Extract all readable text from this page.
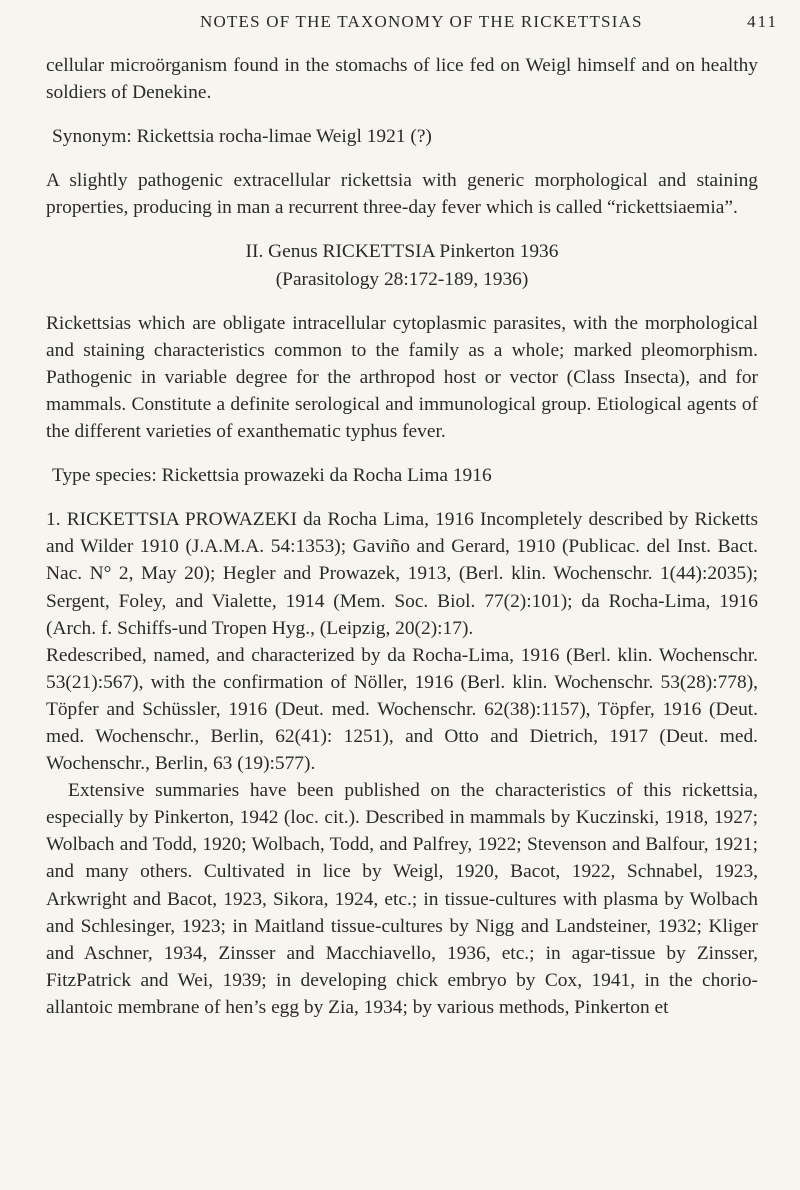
NOTES OF THE TAXONOMY OF THE RICKETTSIAS	411

cellular microörganism found in the stomachs of lice fed on Weigl himself and on healthy soldiers of Denekine.

Synonym: Rickettsia rocha-limae Weigl 1921 (?)

A slightly pathogenic extracellular rickettsia with generic morphological and staining properties, producing in man a recurrent three-day fever which is called “rickettsiaemia”.

II. Genus RICKETTSIA Pinkerton 1936

(Parasitology 28:172-189, 1936)

Rickettsias which are obligate intracellular cytoplasmic parasites, with the morphological and staining characteristics common to the family as a whole; marked pleomorphism. Pathogenic in variable degree for the arthropod host or vector (Class Insecta), and for mammals. Constitute a definite serological and immunological group. Etiological agents of the different varieties of exanthematic typhus fever.

Type species: Rickettsia prowazeki da Rocha Lima 1916

1. RICKETTSIA PROWAZEKI da Rocha Lima, 1916 Incompletely described by Ricketts and Wilder 1910 (J.A.M.A. 54:1353); Gaviño and Gerard, 1910 (Publicac. del Inst. Bact. Nac. N° 2, May 20); Hegler and Prowazek, 1913, (Berl. klin. Wochenschr. 1(44):2035); Sergent, Foley, and Vialette, 1914 (Mem. Soc. Biol. 77(2):101); da Rocha-Lima, 1916 (Arch. f. Schiffs-und Tropen Hyg., (Leipzig, 20(2):17).

Redescribed, named, and characterized by da Rocha-Lima, 1916 (Berl. klin. Wochenschr. 53(21):567), with the confirmation of Nöller, 1916 (Berl. klin. Wochenschr. 53(28):778), Töpfer and Schüssler, 1916 (Deut. med. Wochenschr. 62(38):1157), Töpfer, 1916 (Deut. med. Wochenschr., Berlin, 62(41): 1251), and Otto and Dietrich, 1917 (Deut. med. Wochenschr., Berlin, 63 (19):577).

Extensive summaries have been published on the characteristics of this rickettsia, especially by Pinkerton, 1942 (loc. cit.). Described in mammals by Kuczinski, 1918, 1927; Wolbach and Todd, 1920; Wolbach, Todd, and Palfrey, 1922; Stevenson and Balfour, 1921; and many others. Cultivated in lice by Weigl, 1920, Bacot, 1922, Schnabel, 1923, Arkwright and Bacot, 1923, Sikora, 1924, etc.; in tissue-cultures with plasma by Wolbach and Schlesinger, 1923; in Maitland tissue-cultures by Nigg and Landsteiner, 1932; Kliger and Aschner, 1934, Zinsser and Macchiavello, 1936, etc.; in agar-tissue by Zinsser, FitzPatrick and Wei, 1939; in developing chick embryo by Cox, 1941, in the chorio-allantoic membrane of hen’s egg by Zia, 1934; by various methods, Pinkerton et
